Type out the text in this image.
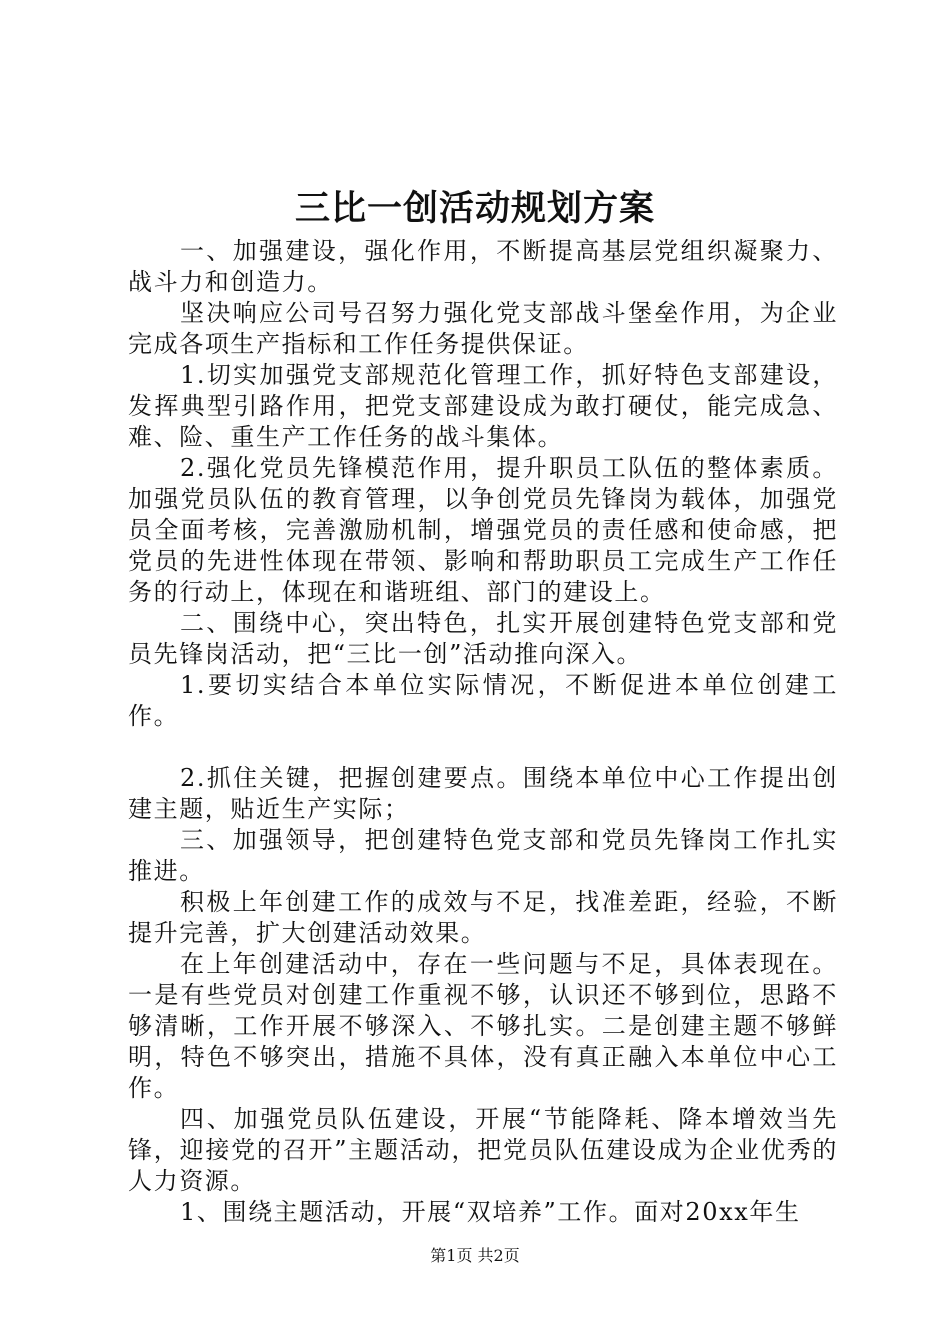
三比一创活动规划方案

一、加强建设，强化作用，不断提高基层党组织凝聚力、战斗力和创造力。

坚决响应公司号召努力强化党支部战斗堡垒作用，为企业完成各项生产指标和工作任务提供保证。

1.切实加强党支部规范化管理工作，抓好特色支部建设，发挥典型引路作用，把党支部建设成为敢打硬仗，能完成急、难、险、重生产工作任务的战斗集体。

2.强化党员先锋模范作用，提升职员工队伍的整体素质。加强党员队伍的教育管理，以争创党员先锋岗为载体，加强党员全面考核，完善激励机制，增强党员的责任感和使命感，把党员的先进性体现在带领、影响和帮助职员工完成生产工作任务的行动上，体现在和谐班组、部门的建设上。

二、围绕中心，突出特色，扎实开展创建特色党支部和党员先锋岗活动，把“三比一创”活动推向深入。

1.要切实结合本单位实际情况，不断促进本单位创建工作。

2.抓住关键，把握创建要点。围绕本单位中心工作提出创建主题，贴近生产实际；

三、加强领导，把创建特色党支部和党员先锋岗工作扎实推进。

积极上年创建工作的成效与不足，找准差距，经验，不断提升完善，扩大创建活动效果。

在上年创建活动中，存在一些问题与不足，具体表现在。一是有些党员对创建工作重视不够，认识还不够到位，思路不够清晰，工作开展不够深入、不够扎实。二是创建主题不够鲜明，特色不够突出，措施不具体，没有真正融入本单位中心工作。

四、加强党员队伍建设，开展“节能降耗、降本增效当先锋，迎接党的召开”主题活动，把党员队伍建设成为企业优秀的人力资源。

1、围绕主题活动，开展“双培养”工作。面对20xx年生

第1页 共2页
